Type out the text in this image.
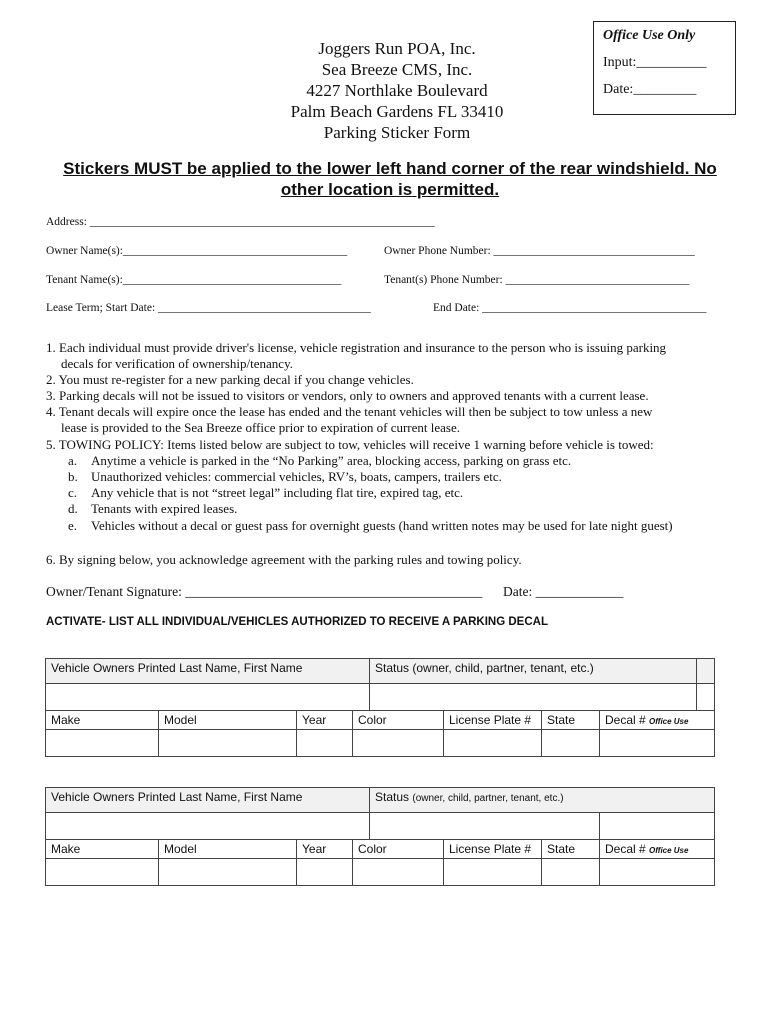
Office Use Only
Input:__________
Date:_________
Joggers Run POA, Inc.
Sea Breeze CMS, Inc.
4227 Northlake Boulevard
Palm Beach Gardens FL 33410
Parking Sticker Form
Stickers MUST be applied to the lower left hand corner of the rear windshield. No other location is permitted.
Address: ____________________________________________________________
Owner Name(s):_______________________________________	Owner Phone Number: ___________________________________
Tenant Name(s):______________________________________	Tenant(s) Phone Number: ________________________________
Lease Term; Start Date: _____________________________________	End Date: _______________________________________
1. Each individual must provide driver's license, vehicle registration and insurance to the person who is issuing parking
decals for verification of ownership/tenancy.
2. You must re-register for a new parking decal if you change vehicles.
3. Parking decals will not be issued to visitors or vendors, only to owners and approved tenants with a current lease.
4. Tenant decals will expire once the lease has ended and the tenant vehicles will then be subject to tow unless a new
lease is provided to the Sea Breeze office prior to expiration of current lease.
5. TOWING POLICY: Items listed below are subject to tow, vehicles will receive 1 warning before vehicle is towed:
a. Anytime a vehicle is parked in the “No Parking” area, blocking access, parking on grass etc.
b. Unauthorized vehicles: commercial vehicles, RV’s, boats, campers, trailers etc.
c. Any vehicle that is not “street legal” including flat tire, expired tag, etc.
d. Tenants with expired leases.
e. Vehicles without a decal or guest pass for overnight guests (hand written notes may be used for late night guest)
6. By signing below, you acknowledge agreement with the parking rules and towing policy.
Owner/Tenant Signature: ____________________________________________ Date: _____________
ACTIVATE- LIST ALL INDIVIDUAL/VEHICLES AUTHORIZED TO RECEIVE A PARKING DECAL
Vehicle Owners Printed Last Name, First Name				Status (owner, child, partner, tenant, etc.)				

Make	Model	Year	Color		License Plate #	State	Decal # Office Use	

Vehicle Owners Printed Last Name, First Name				Status (owner, child, partner, tenant, etc.)			

Make	Model	Year	Color		License Plate #	State	Decal # Office Use
